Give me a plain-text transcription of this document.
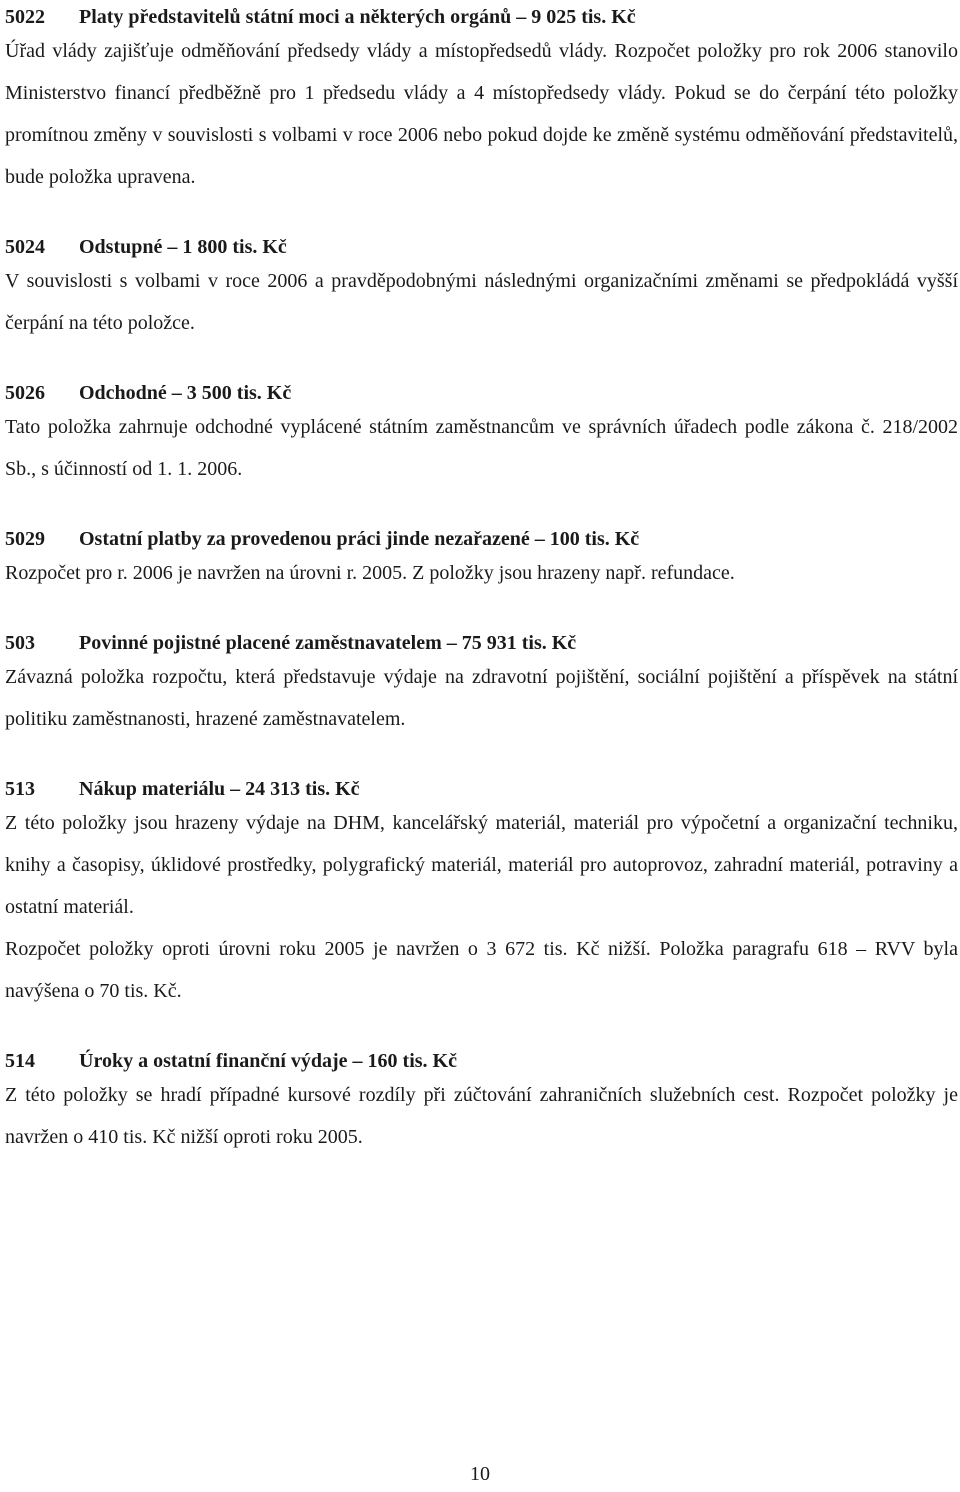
5022 Platy představitelů státní moci a některých orgánů – 9 025 tis. Kč

Úřad vlády zajišťuje odměňování předsedy vlády a místopředsedů vlády. Rozpočet položky pro rok 2006 stanovilo Ministerstvo financí předběžně pro 1 předsedu vlády a 4 místopředsedy vlády. Pokud se do čerpání této položky promítnou změny v souvislosti s volbami v roce 2006 nebo pokud dojde ke změně systému odměňování představitelů, bude položka upravena.

5024 Odstupné – 1 800 tis. Kč

V souvislosti s volbami v roce 2006 a pravděpodobnými následnými organizačními změnami se předpokládá vyšší čerpání na této položce.

5026 Odchodné – 3 500 tis. Kč

Tato položka zahrnuje odchodné vyplácené státním zaměstnancům ve správních úřadech podle zákona č. 218/2002 Sb., s účinností od 1. 1. 2006.

5029 Ostatní platby za provedenou práci jinde nezařazené – 100 tis. Kč

Rozpočet pro r. 2006 je navržen na úrovni r. 2005. Z položky jsou hrazeny např. refundace.

503 Povinné pojistné placené zaměstnavatelem – 75 931 tis. Kč

Závazná položka rozpočtu, která představuje výdaje na zdravotní pojištění, sociální pojištění a příspěvek na státní politiku zaměstnanosti, hrazené zaměstnavatelem.

513 Nákup materiálu – 24 313 tis. Kč

Z této položky jsou hrazeny výdaje na DHM, kancelářský materiál, materiál pro výpočetní a organizační techniku, knihy a časopisy, úklidové prostředky, polygrafický materiál, materiál pro autoprovoz, zahradní materiál, potraviny a ostatní materiál.

Rozpočet položky oproti úrovni roku 2005 je navržen o 3 672 tis. Kč nižší. Položka paragrafu 618 – RVV byla navýšena o 70 tis. Kč.

514 Úroky a ostatní finanční výdaje – 160 tis. Kč

Z této položky se hradí případné kursové rozdíly při zúčtování zahraničních služebních cest. Rozpočet položky je navržen o 410 tis. Kč nižší oproti roku 2005.

10
